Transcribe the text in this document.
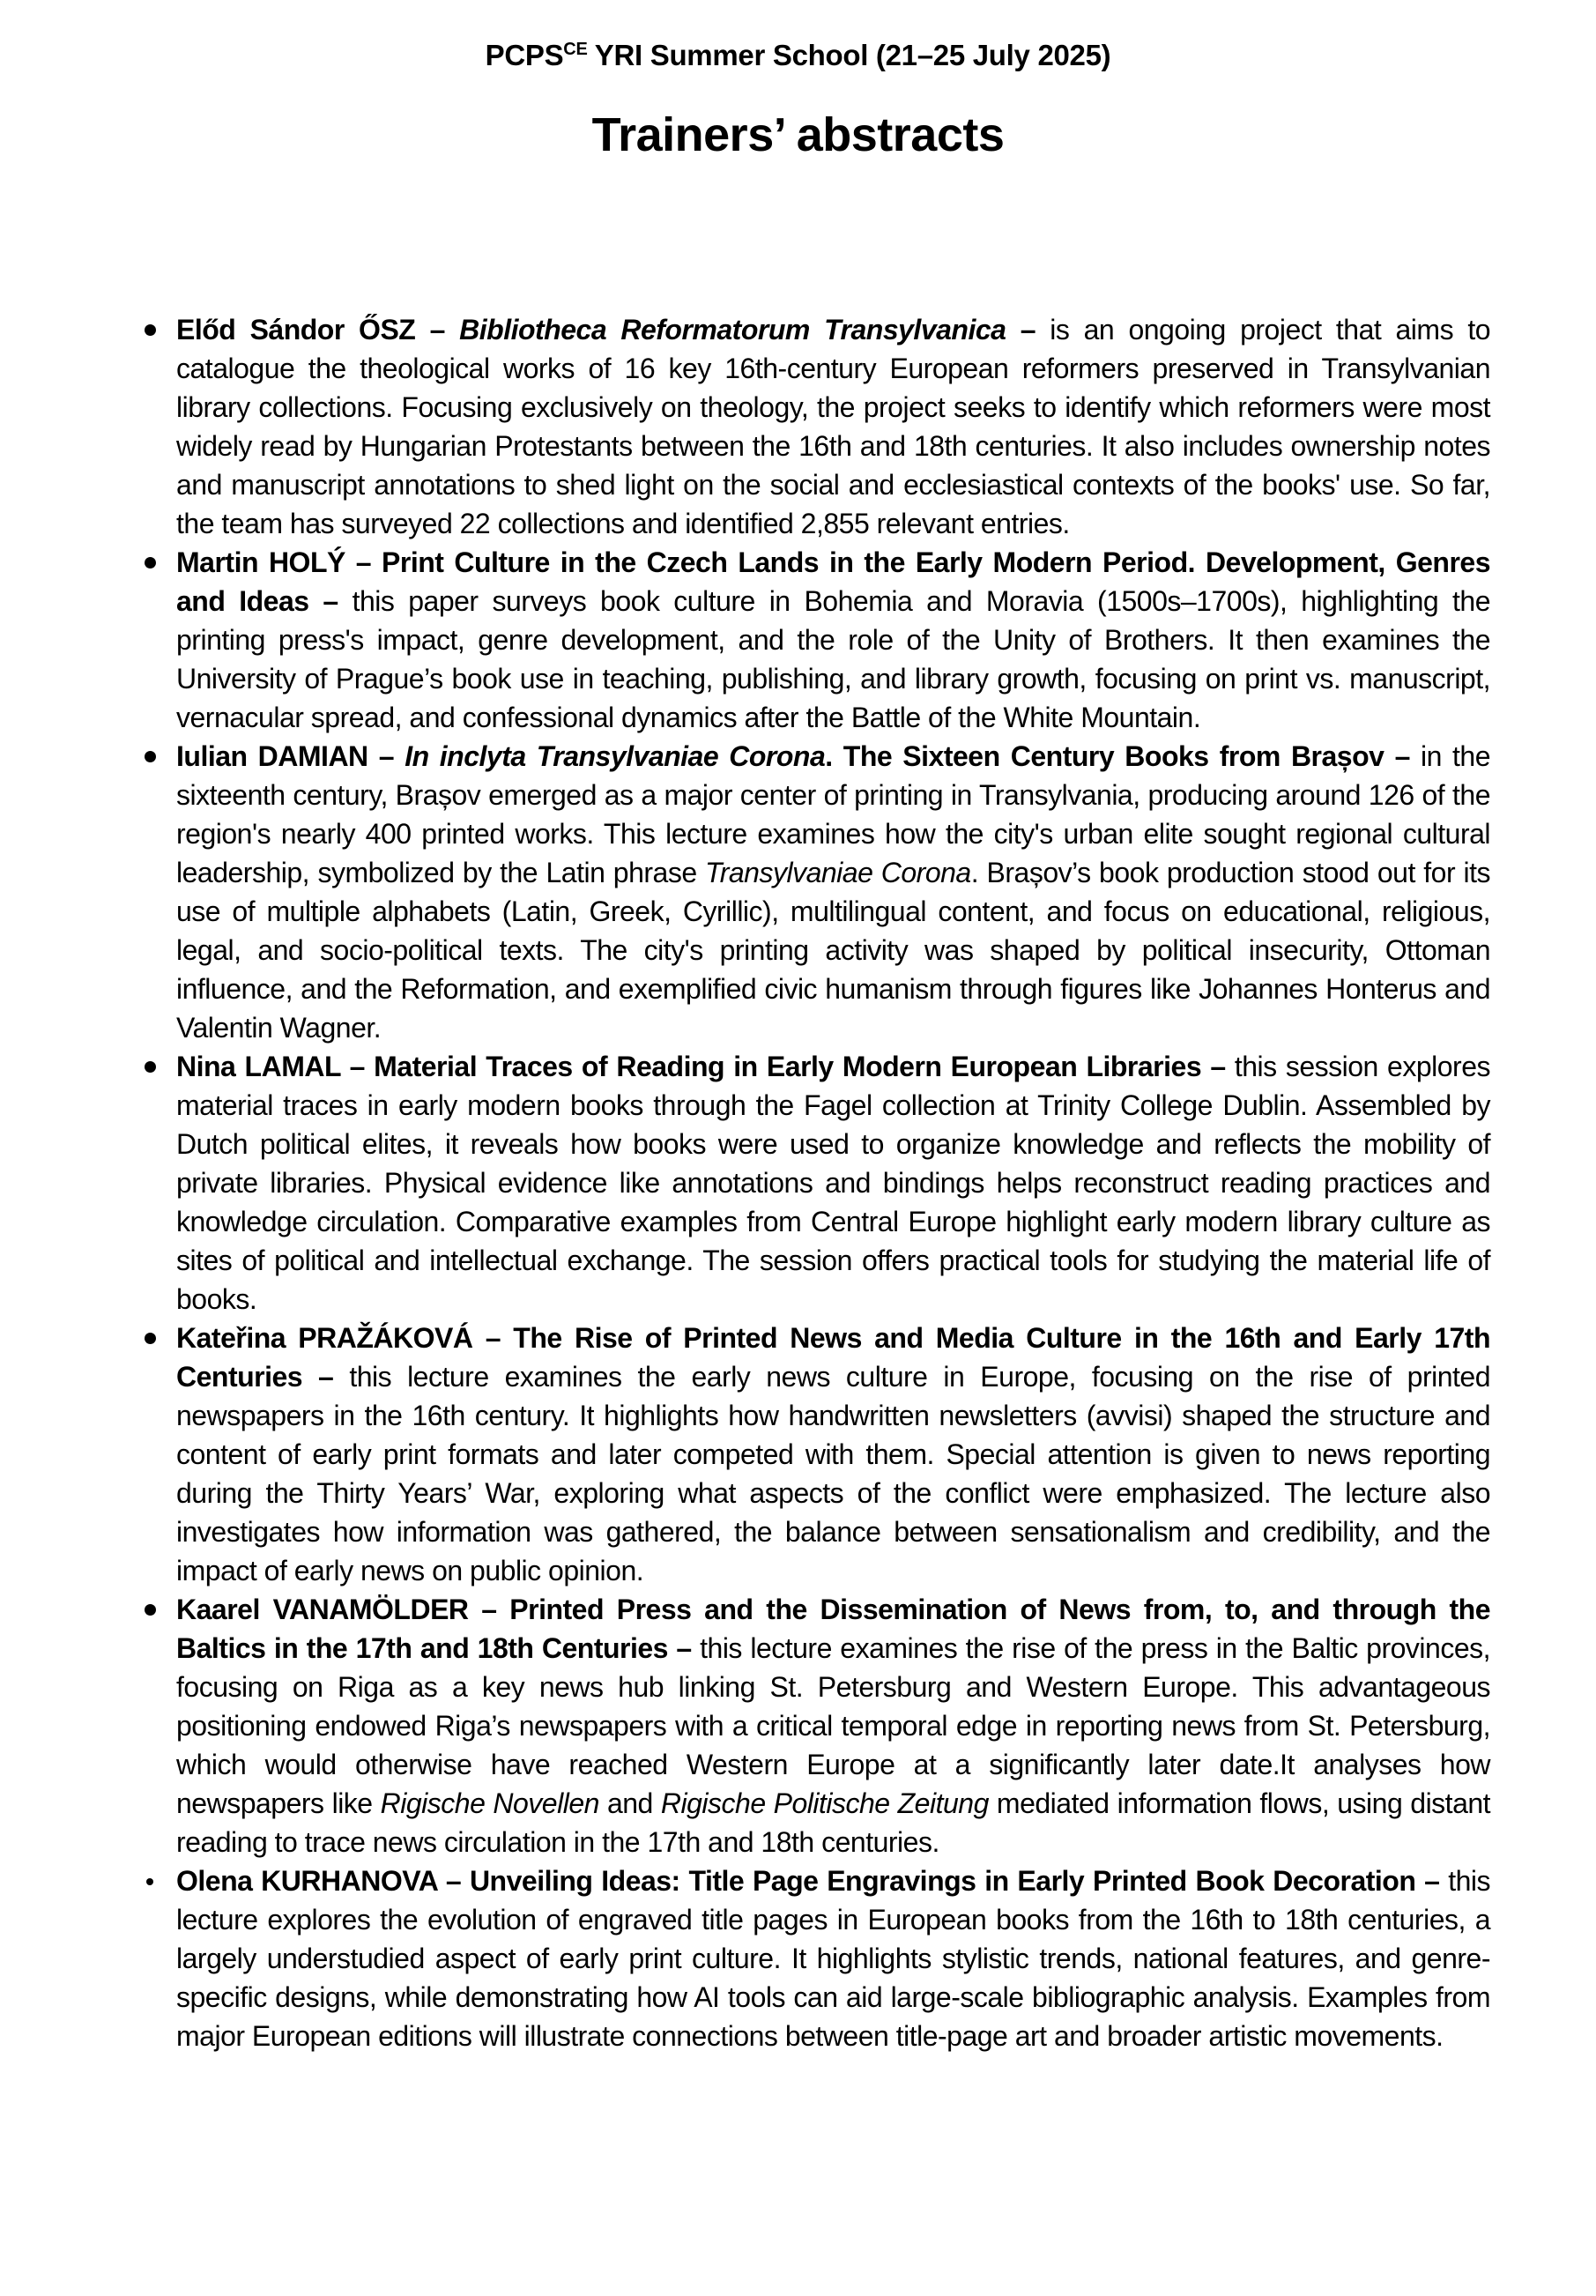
$PCPS^{CE}$ YRI Summer School (21–25 July 2025)
Trainers’ abstracts
Előd Sándor ŐSZ – Bibliotheca Reformatorum Transylvanica – is an ongoing project that aims to catalogue the theological works of 16 key 16th-century European reformers preserved in Transylvanian library collections. Focusing exclusively on theology, the project seeks to identify which reformers were most widely read by Hungarian Protestants between the 16th and 18th centuries. It also includes ownership notes and manuscript annotations to shed light on the social and ecclesiastical contexts of the books' use. So far, the team has surveyed 22 collections and identified 2,855 relevant entries.
Martin HOLÝ – Print Culture in the Czech Lands in the Early Modern Period. Development, Genres and Ideas – this paper surveys book culture in Bohemia and Moravia (1500s–1700s), highlighting the printing press's impact, genre development, and the role of the Unity of Brothers. It then examines the University of Prague’s book use in teaching, publishing, and library growth, focusing on print vs. manuscript, vernacular spread, and confessional dynamics after the Battle of the White Mountain.
Iulian DAMIAN – In inclyta Transylvaniae Corona. The Sixteen Century Books from Brașov – in the sixteenth century, Brașov emerged as a major center of printing in Transylvania, producing around 126 of the region's nearly 400 printed works. This lecture examines how the city's urban elite sought regional cultural leadership, symbolized by the Latin phrase Transylvaniae Corona. Brașov’s book production stood out for its use of multiple alphabets (Latin, Greek, Cyrillic), multilingual content, and focus on educational, religious, legal, and socio-political texts. The city's printing activity was shaped by political insecurity, Ottoman influence, and the Reformation, and exemplified civic humanism through figures like Johannes Honterus and Valentin Wagner.
Nina LAMAL – Material Traces of Reading in Early Modern European Libraries – this session explores material traces in early modern books through the Fagel collection at Trinity College Dublin. Assembled by Dutch political elites, it reveals how books were used to organize knowledge and reflects the mobility of private libraries. Physical evidence like annotations and bindings helps reconstruct reading practices and knowledge circulation. Comparative examples from Central Europe highlight early modern library culture as sites of political and intellectual exchange. The session offers practical tools for studying the material life of books.
Kateřina PRAŽÁKOVÁ – The Rise of Printed News and Media Culture in the 16th and Early 17th Centuries – this lecture examines the early news culture in Europe, focusing on the rise of printed newspapers in the 16th century. It highlights how handwritten newsletters (avvisi) shaped the structure and content of early print formats and later competed with them. Special attention is given to news reporting during the Thirty Years’ War, exploring what aspects of the conflict were emphasized. The lecture also investigates how information was gathered, the balance between sensationalism and credibility, and the impact of early news on public opinion.
Kaarel VANAMÖLDER – Printed Press and the Dissemination of News from, to, and through the Baltics in the 17th and 18th Centuries – this lecture examines the rise of the press in the Baltic provinces, focusing on Riga as a key news hub linking St. Petersburg and Western Europe. This advantageous positioning endowed Riga’s newspapers with a critical temporal edge in reporting news from St. Petersburg, which would otherwise have reached Western Europe at a significantly later date.It analyses how newspapers like Rigische Novellen and Rigische Politische Zeitung mediated information flows, using distant reading to trace news circulation in the 17th and 18th centuries.
Olena KURHANOVA – Unveiling Ideas: Title Page Engravings in Early Printed Book Decoration – this lecture explores the evolution of engraved title pages in European books from the 16th to 18th centuries, a largely understudied aspect of early print culture. It highlights stylistic trends, national features, and genre-specific designs, while demonstrating how AI tools can aid large-scale bibliographic analysis. Examples from major European editions will illustrate connections between title-page art and broader artistic movements.
